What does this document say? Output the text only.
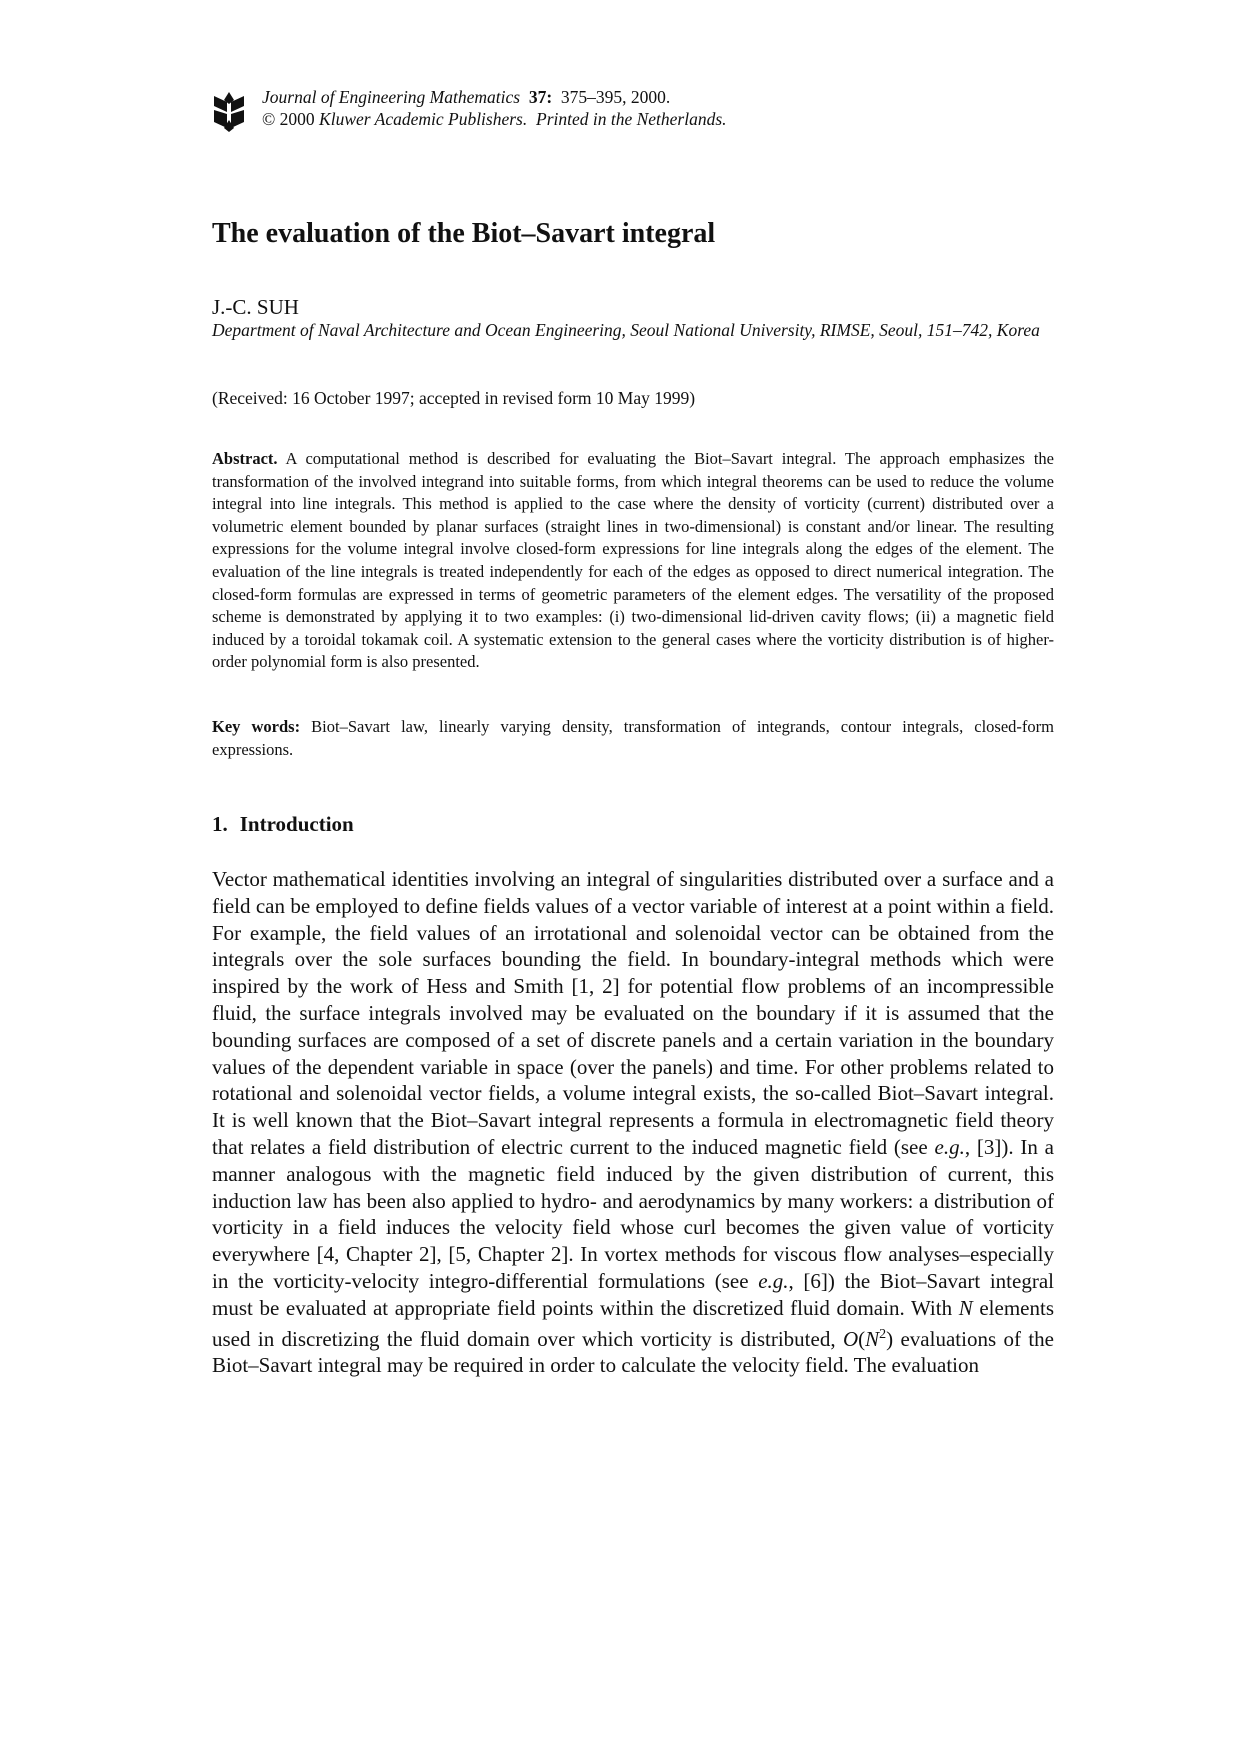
Journal of Engineering Mathematics 37: 375–395, 2000.
© 2000 Kluwer Academic Publishers. Printed in the Netherlands.
The evaluation of the Biot–Savart integral
J.-C. SUH
Department of Naval Architecture and Ocean Engineering, Seoul National University, RIMSE, Seoul, 151–742, Korea
(Received: 16 October 1997; accepted in revised form 10 May 1999)
Abstract. A computational method is described for evaluating the Biot–Savart integral. The approach emphasizes the transformation of the involved integrand into suitable forms, from which integral theorems can be used to reduce the volume integral into line integrals. This method is applied to the case where the density of vorticity (current) distributed over a volumetric element bounded by planar surfaces (straight lines in two-dimensional) is constant and/or linear. The resulting expressions for the volume integral involve closed-form expressions for line integrals along the edges of the element. The evaluation of the line integrals is treated independently for each of the edges as opposed to direct numerical integration. The closed-form formulas are expressed in terms of geometric parameters of the element edges. The versatility of the proposed scheme is demonstrated by applying it to two examples: (i) two-dimensional lid-driven cavity flows; (ii) a magnetic field induced by a toroidal tokamak coil. A systematic extension to the general cases where the vorticity distribution is of higher-order polynomial form is also presented.
Key words: Biot–Savart law, linearly varying density, transformation of integrands, contour integrals, closed-form expressions.
1. Introduction

Vector mathematical identities involving an integral of singularities distributed over a surface and a field can be employed to define fields values of a vector variable of interest at a point within a field. For example, the field values of an irrotational and solenoidal vector can be obtained from the integrals over the sole surfaces bounding the field. In boundary-integral methods which were inspired by the work of Hess and Smith [1, 2] for potential flow problems of an incompressible fluid, the surface integrals involved may be evaluated on the boundary if it is assumed that the bounding surfaces are composed of a set of discrete panels and a certain variation in the boundary values of the dependent variable in space (over the panels) and time. For other problems related to rotational and solenoidal vector fields, a volume integral exists, the so-called Biot–Savart integral. It is well known that the Biot–Savart integral represents a formula in electromagnetic field theory that relates a field distribution of electric current to the induced magnetic field (see e.g., [3]). In a manner analogous with the magnetic field induced by the given distribution of current, this induction law has been also applied to hydro- and aerodynamics by many workers: a distribution of vorticity in a field induces the velocity field whose curl becomes the given value of vorticity everywhere [4, Chapter 2], [5, Chapter 2]. In vortex methods for viscous flow analyses–especially in the vorticity-velocity integro-differential formulations (see e.g., [6]) the Biot–Savart integral must be evaluated at appropriate field points within the discretized fluid domain. With N elements used in discretizing the fluid domain over which vorticity is distributed, $O(N^2)$ evaluations of the Biot–Savart integral may be required in order to calculate the velocity field. The evaluation
